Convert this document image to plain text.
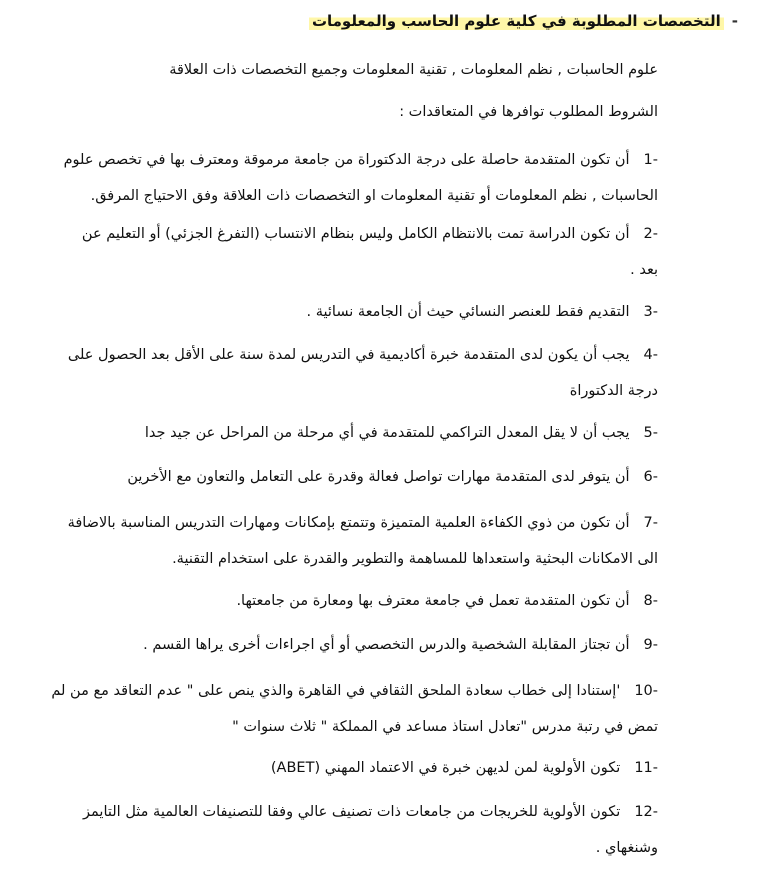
-
التخصصات المطلوبة في كلية علوم الحاسب والمعلومات
علوم الحاسبات , نظم المعلومات , تقنية المعلومات وجميع التخصصات ذات العلاقة
الشروط المطلوب توافرها في المتعاقدات :
1-أن تكون المتقدمة حاصلة على درجة الدكتوراة من جامعة مرموقة ومعترف بها في تخصص علوم
الحاسبات , نظم المعلومات أو تقنية المعلومات او التخصصات ذات العلاقة وفق الاحتياج المرفق.
2-أن تكون الدراسة تمت بالانتظام الكامل وليس بنظام الانتساب (التفرغ الجزئي) أو التعليم عن
بعد .
3-التقديم فقط للعنصر النسائي حيث أن الجامعة نسائية .
4-يجب أن يكون لدى المتقدمة خبرة أكاديمية في التدريس لمدة سنة على الأقل بعد الحصول على
درجة الدكتوراة
5-يجب أن لا يقل المعدل التراكمي للمتقدمة في أي مرحلة من المراحل عن جيد جدا
6-أن يتوفر لدى المتقدمة مهارات تواصل فعالة وقدرة على التعامل والتعاون مع الأخرين
7-أن تكون من ذوي الكفاءة العلمية المتميزة وتتمتع بإمكانات ومهارات التدريس المناسبة بالاضافة
الى الامكانات البحثية واستعداها للمساهمة والتطوير والقدرة على استخدام التقنية.
8-أن تكون المتقدمة تعمل في جامعة معترف بها ومعارة من جامعتها.
9-أن تجتاز المقابلة الشخصية والدرس التخصصي أو أي اجراءات أخرى يراها القسم .
10-'إستنادا إلى خطاب سعادة الملحق الثقافي في القاهرة والذي ينص على " عدم التعاقد مع من لم
تمض في رتبة مدرس "تعادل استاذ مساعد في المملكة " ثلاث سنوات "
11-تكون الأولوية لمن لديهن خبرة في الاعتماد المهني (ABET)
12-تكون الأولوية للخريجات من جامعات ذات تصنيف عالي وفقا للتصنيفات العالمية مثل التايمز
وشنغهاي .
